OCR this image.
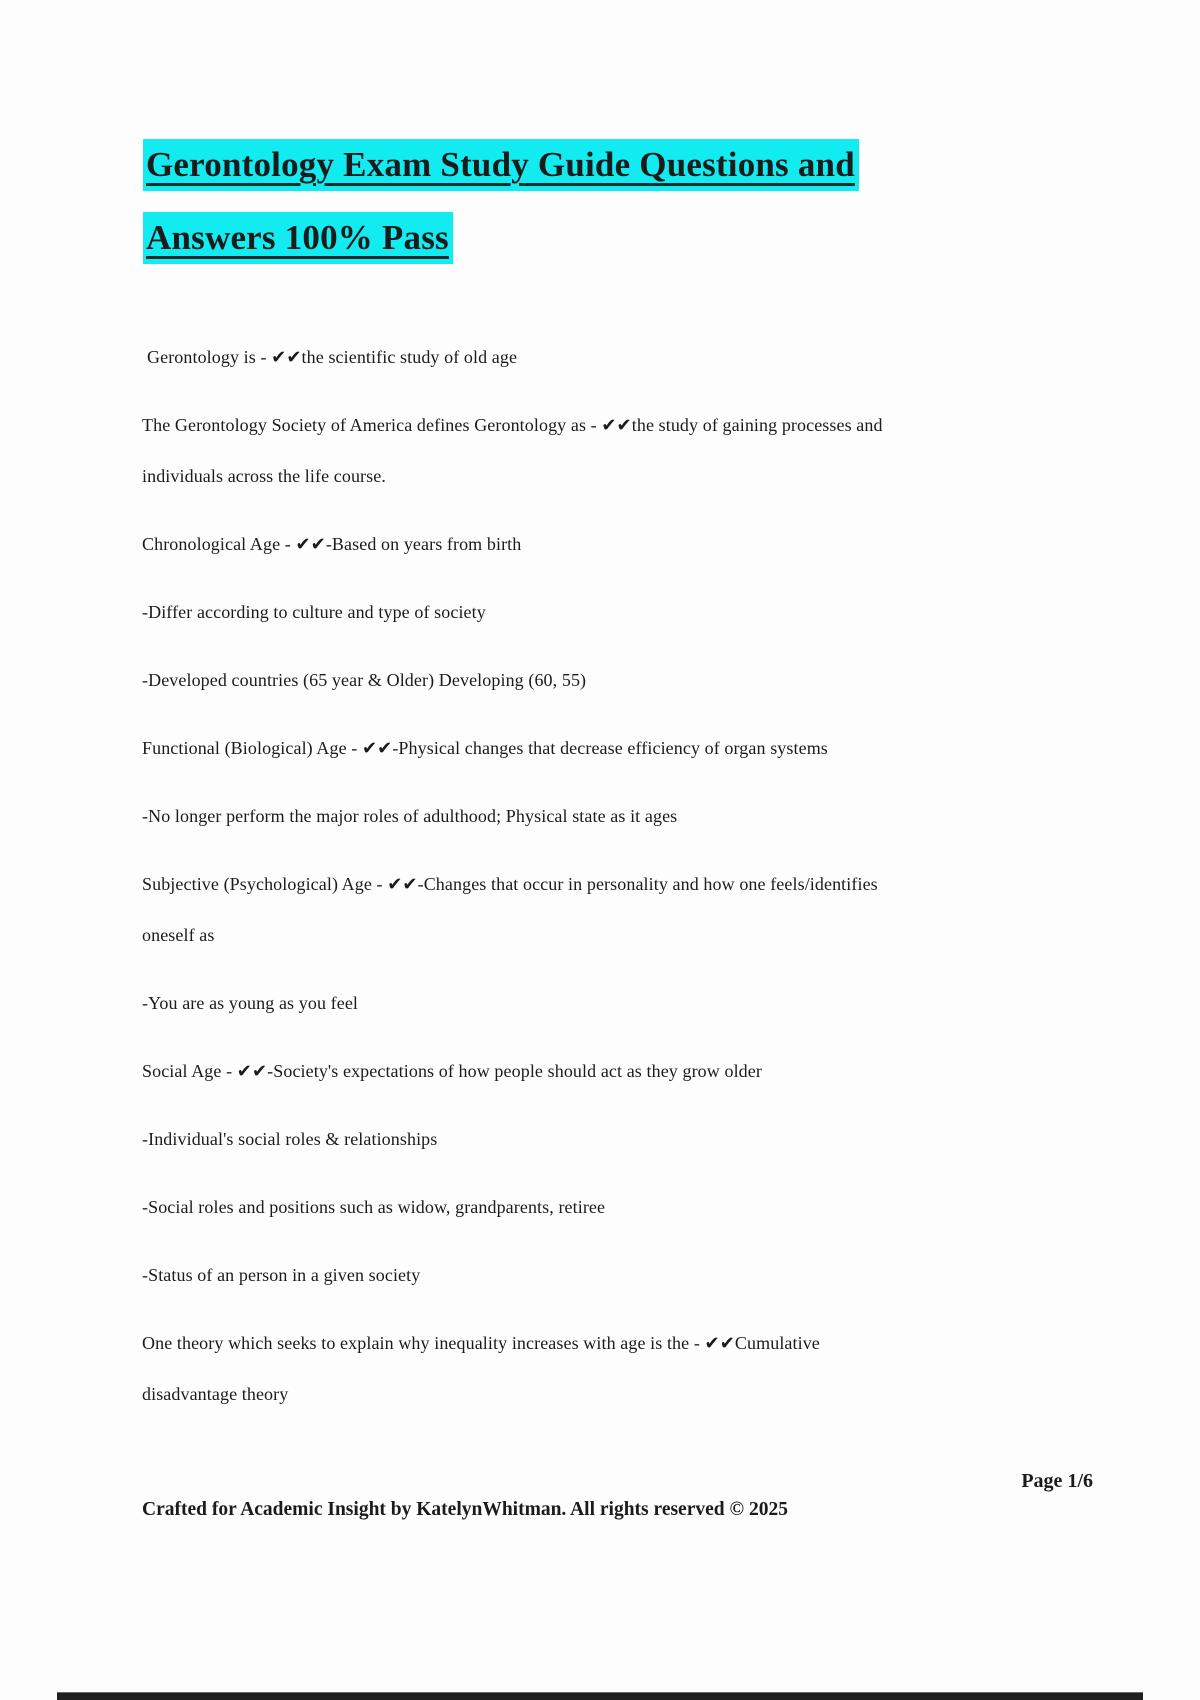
Gerontology Exam Study Guide Questions and
Answers 100% Pass
Gerontology is - ✔✔the scientific study of old age
The Gerontology Society of America defines Gerontology as - ✔✔the study of gaining processes and
individuals across the life course.
Chronological Age - ✔✔-Based on years from birth
-Differ according to culture and type of society
-Developed countries (65 year & Older) Developing (60, 55)
Functional (Biological) Age - ✔✔-Physical changes that decrease efficiency of organ systems
-No longer perform the major roles of adulthood; Physical state as it ages
Subjective (Psychological) Age - ✔✔-Changes that occur in personality and how one feels/identifies
oneself as
-You are as young as you feel
Social Age - ✔✔-Society's expectations of how people should act as they grow older
-Individual's social roles & relationships
-Social roles and positions such as widow, grandparents, retiree
-Status of an person in a given society
One theory which seeks to explain why inequality increases with age is the - ✔✔Cumulative
disadvantage theory
Page 1/6
Crafted for Academic Insight by KatelynWhitman. All rights reserved © 2025
